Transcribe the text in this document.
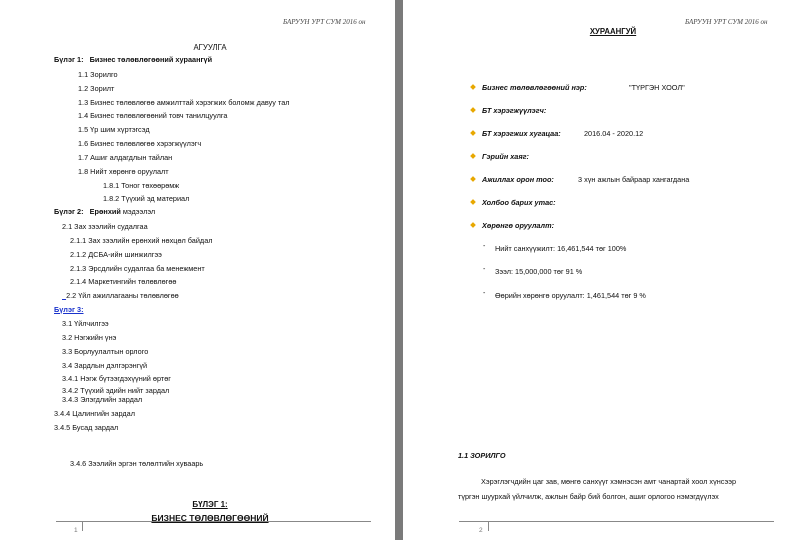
БАРУУН УРТ СУМ 2016 он
АГУУЛГА
Бүлэг 1: Бизнес төлөвлөгөөний хураангүй
1.1 Зорилго
1.2 Зорилт
1.3 Бизнес төлөвлөгөө амжилттай хэрэгжих боломж давуу тал
1.4 Бизнес төлөвлөгөөний товч танилцуулга
1.5 Үр шим хүртэгсэд
1.6 Бизнес төлөвлөгөө хэрэгжүүлэгч
1.7 Ашиг алдагдлын тайлан
1.8 Нийт хөрөнгө оруулалт
1.8.1 Тоног төхөөрөмж
1.8.2 Түүхий эд материал
Бүлэг 2: Ерөнхий мэдээлэл
2.1 Зах зээлийн судалгаа
2.1.1 Зах зээлийн ерөнхий нөхцөл байдал
2.1.2 ДСБА-ийн шинжилгээ
2.1.3 Эрсдлийн судалгаа ба менежмент
2.1.4 Маркетингийн төлөвлөгөө
2.2 Үйл ажиллагааны төлөвлөгөө
Бүлэг 3:
3.1 Үйлчилгээ
3.2 Нэгжийн үнэ
3.3 Борлуулалтын орлого
3.4 Зардлын дэлгэрэнгүй
3.4.1 Нэгж бүтээгдэхүүний өртөг
3.4.2 Түүхий эдийн нийт зардал
3.4.3 Элэгдлийн зардал
3.4.4 Цалингийн зардал
3.4.5 Бусад зардал
3.4.6 Зээлийн эргэн төлөлтийн хуваарь
БҮЛЭГ 1:
БИЗНЕС ТӨЛӨВЛӨГӨӨНИЙ
1
БАРУУН УРТ СУМ 2016 он
ХУРААНГУЙ
Бизнес төлөвлөгөөний нэр:	"ТҮРГЭН ХООЛ"
БТ хэрэгжүүлэгч:
БТ хэрэгжих хугацаа:	2016.04 - 2020.12
Гэрийн хаяг:
Ажиллах орон тоо:	3 хүн ажлын байраар хангагдана
Холбоо барих утас:
Хөрөнгө оруулалт:
- Нийт санхүүжилт: 16,461,544 төг 100%
- Зээл: 15,000,000 төг 91 %
- Өөрийн хөрөнгө оруулалт: 1,461,544 төг 9 %
1.1 ЗОРИЛГО
Хэрэглэгчдийн цаг зав, мөнгө санхүүг хэмнэсэн амт чанартай хоол хүнсээр
түргэн шуурхай үйлчилж, ажлын байр бий болгон, ашиг орлогоо нэмэгдүүлэх
2
